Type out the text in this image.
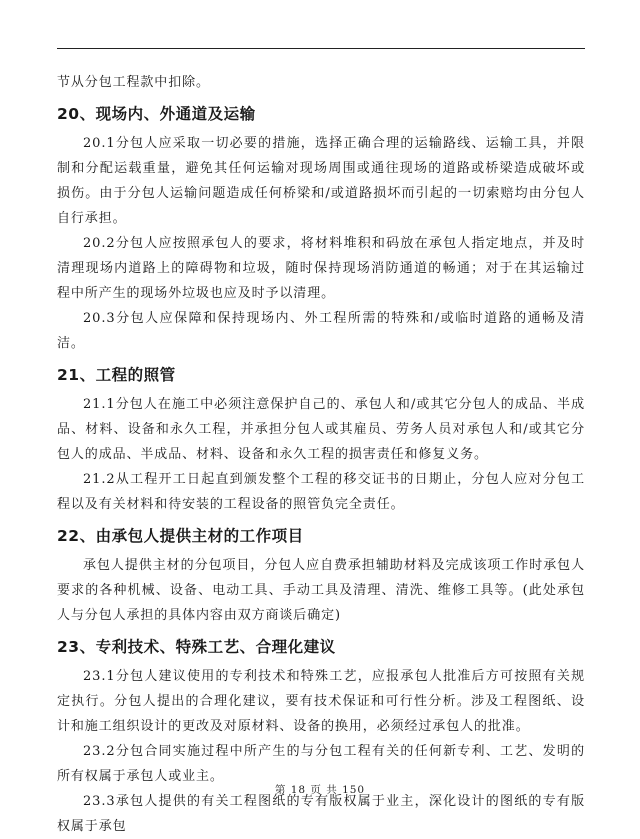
节从分包工程款中扣除。

20、现场内、外通道及运输

20.1分包人应采取一切必要的措施，选择正确合理的运输路线、运输工具，并限制和分配运载重量，避免其任何运输对现场周围或通往现场的道路或桥梁造成破坏或损伤。由于分包人运输问题造成任何桥梁和/或道路损坏而引起的一切索赔均由分包人自行承担。

20.2分包人应按照承包人的要求，将材料堆积和码放在承包人指定地点，并及时清理现场内道路上的障碍物和垃圾，随时保持现场消防通道的畅通；对于在其运输过程中所产生的现场外垃圾也应及时予以清理。

20.3分包人应保障和保持现场内、外工程所需的特殊和/或临时道路的通畅及清洁。

21、工程的照管

21.1分包人在施工中必须注意保护自己的、承包人和/或其它分包人的成品、半成品、材料、设备和永久工程，并承担分包人或其雇员、劳务人员对承包人和/或其它分包人的成品、半成品、材料、设备和永久工程的损害责任和修复义务。

21.2从工程开工日起直到颁发整个工程的移交证书的日期止，分包人应对分包工程以及有关材料和待安装的工程设备的照管负完全责任。

22、由承包人提供主材的工作项目

承包人提供主材的分包项目，分包人应自费承担辅助材料及完成该项工作时承包人要求的各种机械、设备、电动工具、手动工具及清理、清洗、维修工具等。(此处承包人与分包人承担的具体内容由双方商谈后确定)

23、专利技术、特殊工艺、合理化建议

23.1分包人建议使用的专利技术和特殊工艺，应报承包人批准后方可按照有关规定执行。分包人提出的合理化建议，要有技术保证和可行性分析。涉及工程图纸、设计和施工组织设计的更改及对原材料、设备的换用，必须经过承包人的批准。

23.2分包合同实施过程中所产生的与分包工程有关的任何新专利、工艺、发明的所有权属于承包人或业主。

23.3承包人提供的有关工程图纸的专有版权属于业主，深化设计的图纸的专有版权属于承包

第 18 页 共 150
